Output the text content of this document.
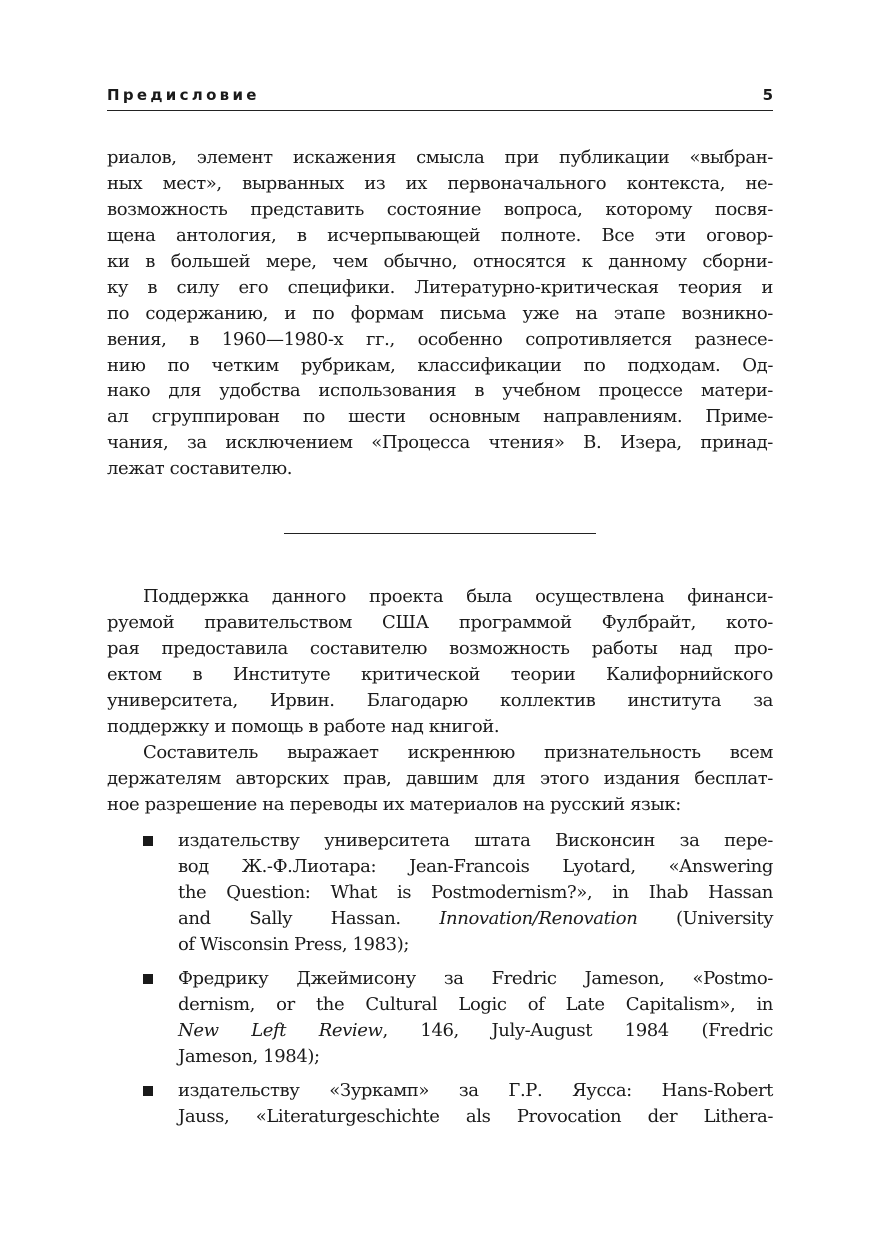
Предисловие	5
риалов, элемент искажения смысла при публикации «выбран-
ных мест», вырванных из их первоначального контекста, не-
возможность представить состояние вопроса, которому посвя-
щена антология, в исчерпывающей полноте. Все эти оговор-
ки в большей мере, чем обычно, относятся к данному сборни-
ку в силу его специфики. Литературно-критическая теория и
по содержанию, и по формам письма уже на этапе возникно-
вения, в 1960—1980-х гг., особенно сопротивляется разнесе-
нию по четким рубрикам, классификации по подходам. Од-
нако для удобства использования в учебном процессе матери-
ал сгруппирован по шести основным направлениям. Приме-
чания, за исключением «Процесса чтения» В. Изера, принад-
лежат составителю.
Поддержка данного проекта была осуществлена финанси-
руемой правительством США программой Фулбрайт, кото-
рая предоставила составителю возможность работы над про-
ектом в Институте критической теории Калифорнийского
университета, Ирвин. Благодарю коллектив института за
поддержку и помощь в работе над книгой.
Составитель выражает искреннюю признательность всем
держателям авторских прав, давшим для этого издания бесплат-
ное разрешение на переводы их материалов на русский язык:
издательству университета штата Висконсин за пере-
вод Ж.-Ф.Лиотара: Jean-Francois Lyotard, «Answering
the Question: What is Postmodernism?», in Ihab Hassan
and Sally Hassan. Innovation/Renovation (University
of Wisconsin Press, 1983);
Фредрику Джеймисону за Fredric Jameson, «Postmo-
dernism, or the Cultural Logic of Late Capitalism», in
New Left Review, 146, July-August 1984 (Fredric
Jameson, 1984);
издательству «Зуркамп» за Г.Р. Яусса: Hans-Robert
Jauss, «Literaturgeschichte als Provocation der Lithera-
